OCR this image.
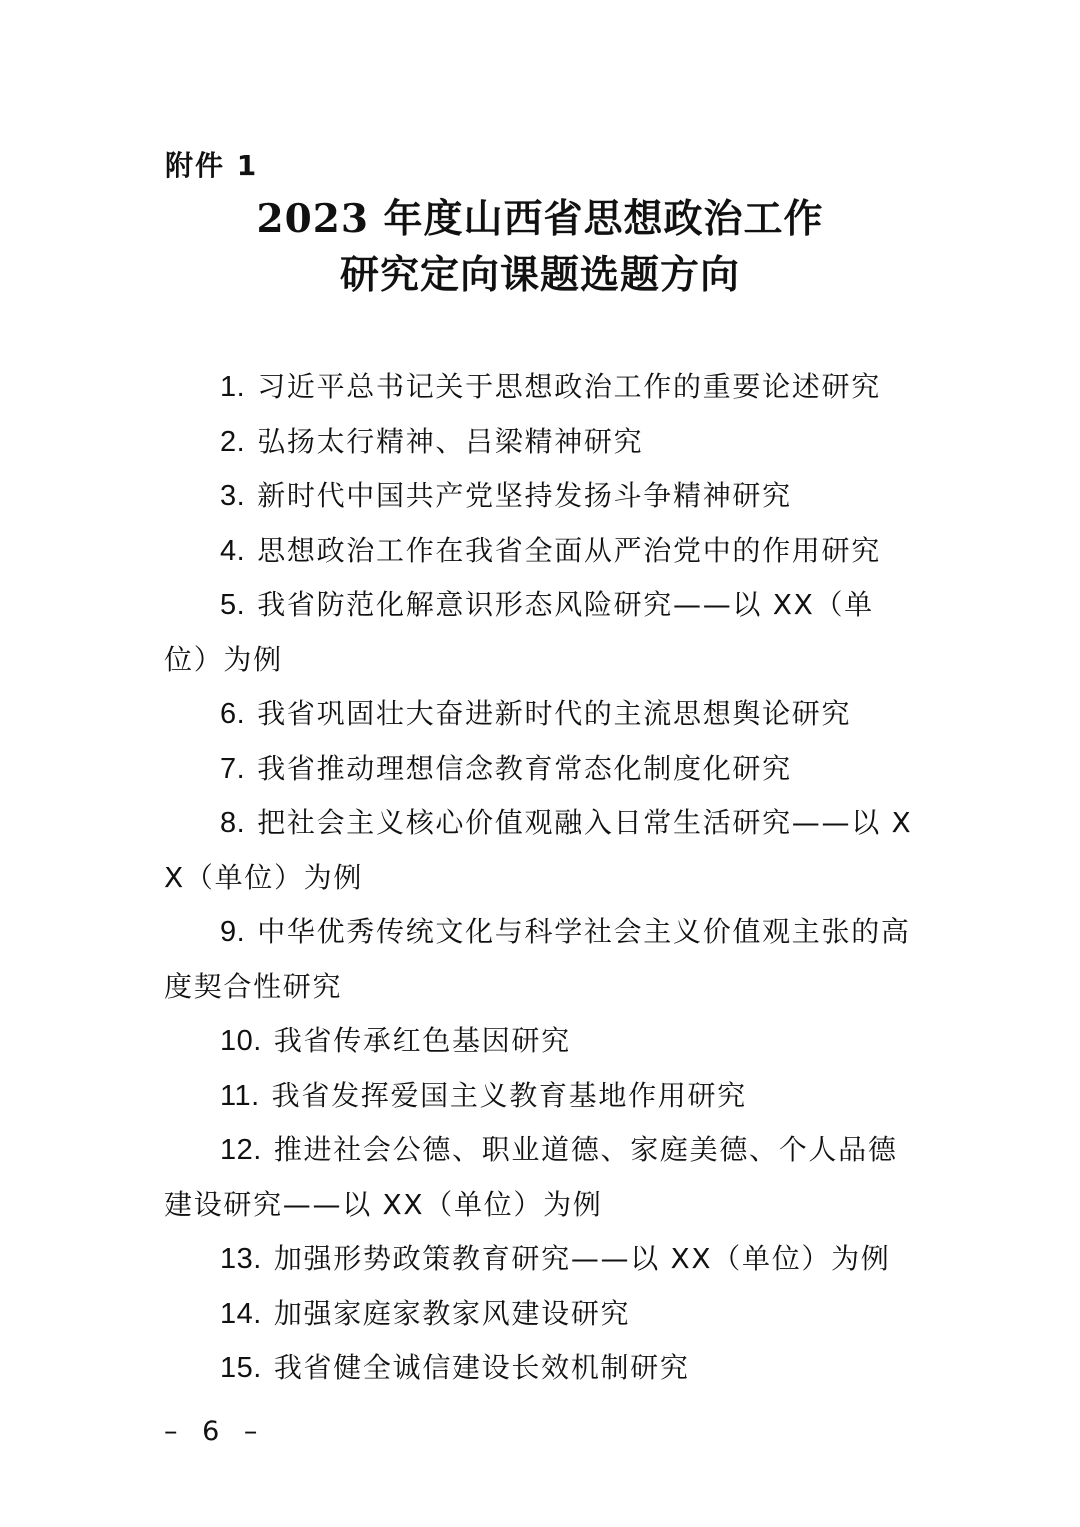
附件 1
2023 年度山西省思想政治工作
研究定向课题选题方向
1. 习近平总书记关于思想政治工作的重要论述研究
2. 弘扬太行精神、吕梁精神研究
3. 新时代中国共产党坚持发扬斗争精神研究
4. 思想政治工作在我省全面从严治党中的作用研究
5. 我省防范化解意识形态风险研究——以 XX（单位）为例
6. 我省巩固壮大奋进新时代的主流思想舆论研究
7. 我省推动理想信念教育常态化制度化研究
8. 把社会主义核心价值观融入日常生活研究——以 XX（单位）为例
9. 中华优秀传统文化与科学社会主义价值观主张的高度契合性研究
10. 我省传承红色基因研究
11. 我省发挥爱国主义教育基地作用研究
12. 推进社会公德、职业道德、家庭美德、个人品德建设研究——以 XX（单位）为例
13. 加强形势政策教育研究——以 XX（单位）为例
14. 加强家庭家教家风建设研究
15. 我省健全诚信建设长效机制研究
– 6 –
